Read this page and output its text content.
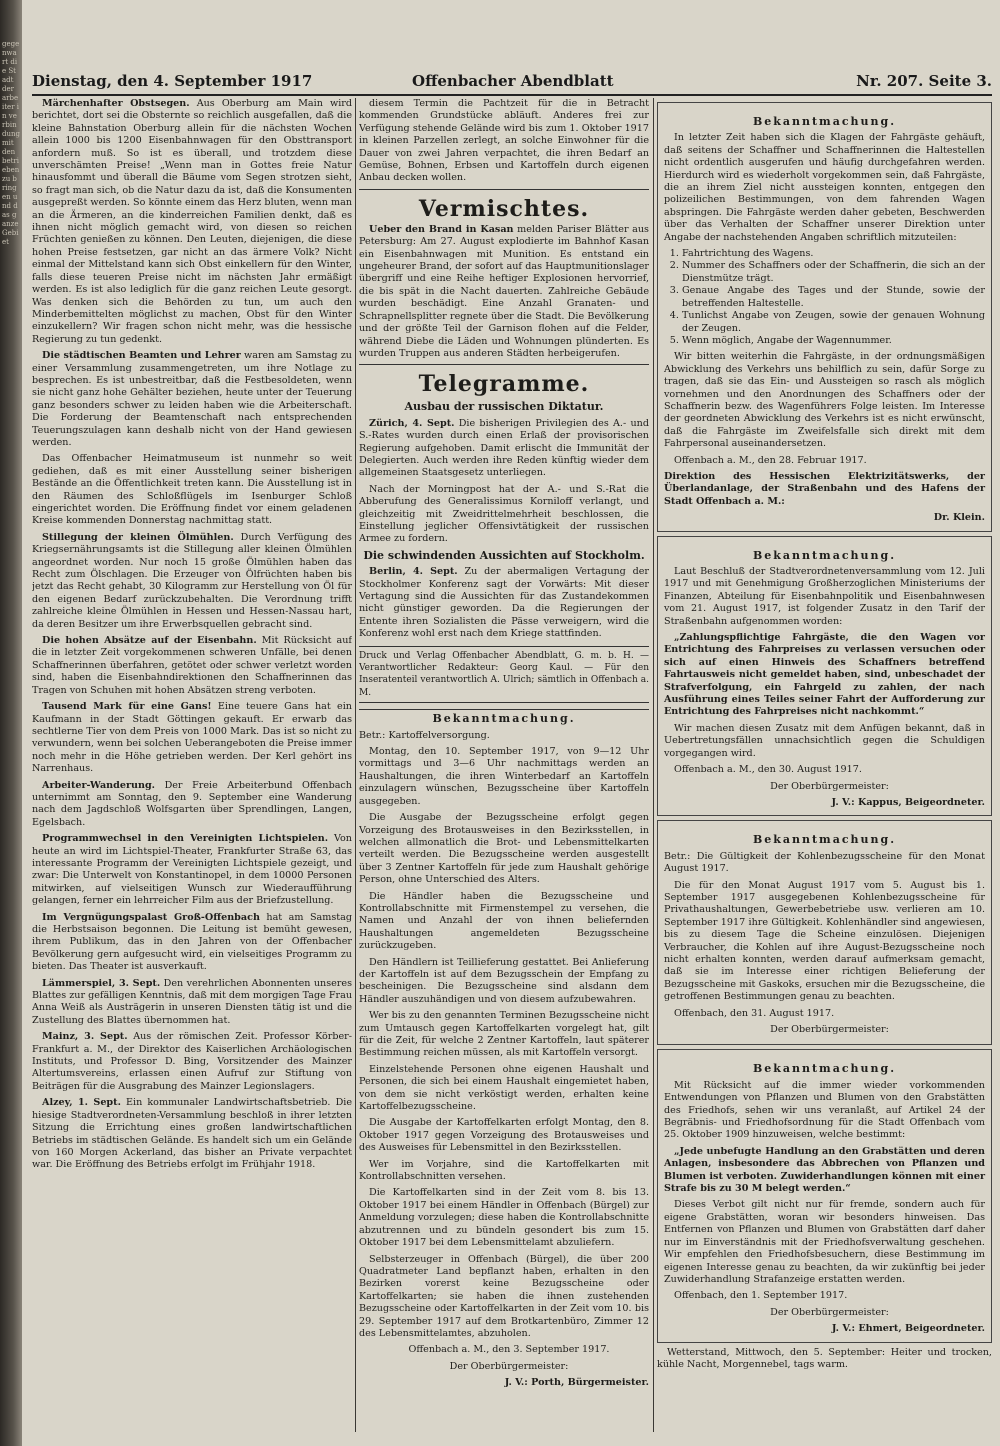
gegenwart die Stadt der arbeiter in verbindung mit den betrieben zu bringen und das ganze Gebiet
Dienstag, den 4. September 1917	Offenbacher Abendblatt	Nr. 207. Seite 3.

Märchenhafter Obstsegen. Aus Oberburg am Main wird berichtet, dort sei die Obsternte so reichlich ausgefallen, daß die kleine Bahnstation Oberburg allein für die nächsten Wochen allein 1000 bis 1200 Eisenbahnwagen für den Obsttransport anfordern muß. So ist es überall, und trotzdem diese unverschämten Preise! „Wenn man in Gottes freie Natur hinausfommt und überall die Bäume vom Segen strotzen sieht, so fragt man sich, ob die Natur dazu da ist, daß die Konsumenten ausgepreßt werden. So könnte einem das Herz bluten, wenn man an die Ärmeren, an die kinderreichen Familien denkt, daß es ihnen nicht möglich gemacht wird, von diesen so reichen Früchten genießen zu können. Den Leuten, diejenigen, die diese hohen Preise festsetzen, gar nicht an das ärmere Volk? Nicht einmal der Mittelstand kann sich Obst einkellern für den Winter, falls diese teueren Preise nicht im nächsten Jahr ermäßigt werden. Es ist also lediglich für die ganz reichen Leute gesorgt. Was denken sich die Behörden zu tun, um auch den Minderbemittelten möglichst zu machen, Obst für den Winter einzukellern? Wir fragen schon nicht mehr, was die hessische Regierung zu tun gedenkt.

Die städtischen Beamten und Lehrer waren am Samstag zu einer Versammlung zusammengetreten, um ihre Notlage zu besprechen. Es ist unbestreitbar, daß die Festbesoldeten, wenn sie nicht ganz hohe Gehälter beziehen, heute unter der Teuerung ganz besonders schwer zu leiden haben wie die Arbeiterschaft. Die Forderung der Beamtenschaft nach entsprechenden Teuerungszulagen kann deshalb nicht von der Hand gewiesen werden.

Das Offenbacher Heimatmuseum ist nunmehr so weit gediehen, daß es mit einer Ausstellung seiner bisherigen Bestände an die Öffentlichkeit treten kann. Die Ausstellung ist in den Räumen des Schloßflügels im Isenburger Schloß eingerichtet worden. Die Eröffnung findet vor einem geladenen Kreise kommenden Donnerstag nachmittag statt.

Stillegung der kleinen Ölmühlen. Durch Verfügung des Kriegsernährungsamts ist die Stillegung aller kleinen Ölmühlen angeordnet worden. Nur noch 15 große Ölmühlen haben das Recht zum Ölschlagen. Die Erzeuger von Ölfrüchten haben bis jetzt das Recht gehabt, 30 Kilogramm zur Herstellung von Öl für den eigenen Bedarf zurückzubehalten. Die Verordnung trifft zahlreiche kleine Ölmühlen in Hessen und Hessen-Nassau hart, da deren Besitzer um ihre Erwerbsquellen gebracht sind.

Die hohen Absätze auf der Eisenbahn. Mit Rücksicht auf die in letzter Zeit vorgekommenen schweren Unfälle, bei denen Schaffnerinnen überfahren, getötet oder schwer verletzt worden sind, haben die Eisenbahndirektionen den Schaffnerinnen das Tragen von Schuhen mit hohen Absätzen streng verboten.

Tausend Mark für eine Gans! Eine teuere Gans hat ein Kaufmann in der Stadt Göttingen gekauft. Er erwarb das sechtlerne Tier von dem Preis von 1000 Mark. Das ist so nicht zu verwundern, wenn bei solchen Ueberangeboten die Preise immer noch mehr in die Höhe getrieben werden. Der Kerl gehört ins Narrenhaus.

Arbeiter-Wanderung. Der Freie Arbeiterbund Offenbach unternimmt am Sonntag, den 9. September eine Wanderung nach dem Jagdschloß Wolfsgarten über Sprendlingen, Langen, Egelsbach.

Programmwechsel in den Vereinigten Lichtspielen. Von heute an wird im Lichtspiel-Theater, Frankfurter Straße 63, das interessante Programm der Vereinigten Lichtspiele gezeigt, und zwar: Die Unterwelt von Konstantinopel, in dem 10000 Personen mitwirken, auf vielseitigen Wunsch zur Wiederaufführung gelangen, ferner ein lehrreicher Film aus der Briefzustellung.

Im Vergnügungspalast Groß-Offenbach hat am Samstag die Herbstsaison begonnen. Die Leitung ist bemüht gewesen, ihrem Publikum, das in den Jahren von der Offenbacher Bevölkerung gern aufgesucht wird, ein vielseitiges Programm zu bieten. Das Theater ist ausverkauft.

Lämmerspiel, 3. Sept. Den verehrlichen Abonnenten unseres Blattes zur gefälligen Kenntnis, daß mit dem morgigen Tage Frau Anna Weiß als Austrägerin in unseren Diensten tätig ist und die Zustellung des Blattes übernommen hat.

Mainz, 3. Sept. Aus der römischen Zeit. Professor Körber-Frankfurt a. M., der Direktor des Kaiserlichen Archäologischen Instituts, und Professor D. Bing, Vorsitzender des Mainzer Altertumsvereins, erlassen einen Aufruf zur Stiftung von Beiträgen für die Ausgrabung des Mainzer Legionslagers.

Alzey, 1. Sept. Ein kommunaler Landwirtschaftsbetrieb. Die hiesige Stadtverordneten-Versammlung beschloß in ihrer letzten Sitzung die Errichtung eines großen landwirtschaftlichen Betriebs im städtischen Gelände. Es handelt sich um ein Gelände von 160 Morgen Ackerland, das bisher an Private verpachtet war. Die Eröffnung des Betriebs erfolgt im Frühjahr 1918.

diesem Termin die Pachtzeit für die in Betracht kommenden Grundstücke abläuft. Anderes frei zur Verfügung stehende Gelände wird bis zum 1. Oktober 1917 in kleinen Parzellen zerlegt, an solche Einwohner für die Dauer von zwei Jahren verpachtet, die ihren Bedarf an Gemüse, Bohnen, Erbsen und Kartoffeln durch eigenen Anbau decken wollen.

Vermischtes.

Ueber den Brand in Kasan melden Pariser Blätter aus Petersburg: Am 27. August explodierte im Bahnhof Kasan ein Eisenbahnwagen mit Munition. Es entstand ein ungeheurer Brand, der sofort auf das Hauptmunitionslager übergriff und eine Reihe heftiger Explosionen hervorrief, die bis spät in die Nacht dauerten. Zahlreiche Gebäude wurden beschädigt. Eine Anzahl Granaten- und Schrapnellsplitter regnete über die Stadt. Die Bevölkerung und der größte Teil der Garnison flohen auf die Felder, während Diebe die Läden und Wohnungen plünderten. Es wurden Truppen aus anderen Städten herbeigerufen.

Telegramme.
Ausbau der russischen Diktatur.

Zürich, 4. Sept. Die bisherigen Privilegien des A.- und S.-Rates wurden durch einen Erlaß der provisorischen Regierung aufgehoben. Damit erlischt die Immunität der Delegierten. Auch werden ihre Reden künftig wieder dem allgemeinen Staatsgesetz unterliegen.

Nach der Morningpost hat der A.- und S.-Rat die Abberufung des Generalissimus Korniloff verlangt, und gleichzeitig mit Zweidrittelmehrheit beschlossen, die Einstellung jeglicher Offensivtätigkeit der russischen Armee zu fordern.

Die schwindenden Aussichten auf Stockholm.

Berlin, 4. Sept. Zu der abermaligen Vertagung der Stockholmer Konferenz sagt der Vorwärts: Mit dieser Vertagung sind die Aussichten für das Zustandekommen nicht günstiger geworden. Da die Regierungen der Entente ihren Sozialisten die Pässe verweigern, wird die Konferenz wohl erst nach dem Kriege stattfinden.

Druck und Verlag Offenbacher Abendblatt, G. m. b. H. — Verantwortlicher Redakteur: Georg Kaul. — Für den Inseratenteil verantwortlich A. Ulrich; sämtlich in Offenbach a. M.
Bekanntmachung.

Betr.: Kartoffelversorgung.

Montag, den 10. September 1917, von 9—12 Uhr vormittags und 3—6 Uhr nachmittags werden an Haushaltungen, die ihren Winterbedarf an Kartoffeln einzulagern wünschen, Bezugsscheine über Kartoffeln ausgegeben.

Die Ausgabe der Bezugsscheine erfolgt gegen Vorzeigung des Brotausweises in den Bezirksstellen, in welchen allmonatlich die Brot- und Lebensmittelkarten verteilt werden. Die Bezugsscheine werden ausgestellt über 3 Zentner Kartoffeln für jede zum Haushalt gehörige Person, ohne Unterschied des Alters.

Die Händler haben die Bezugsscheine und Kontrollabschnitte mit Firmenstempel zu versehen, die Namen und Anzahl der von ihnen beliefernden Haushaltungen angemeldeten Bezugsscheine zurückzugeben.

Den Händlern ist Teillieferung gestattet. Bei Anlieferung der Kartoffeln ist auf dem Bezugsschein der Empfang zu bescheinigen. Die Bezugsscheine sind alsdann dem Händler auszuhändigen und von diesem aufzubewahren.

Wer bis zu den genannten Terminen Bezugsscheine nicht zum Umtausch gegen Kartoffelkarten vorgelegt hat, gilt für die Zeit, für welche 2 Zentner Kartoffeln, laut späterer Bestimmung reichen müssen, als mit Kartoffeln versorgt.

Einzelstehende Personen ohne eigenen Haushalt und Personen, die sich bei einem Haushalt eingemietet haben, von dem sie nicht verköstigt werden, erhalten keine Kartoffelbezugsscheine.

Die Ausgabe der Kartoffelkarten erfolgt Montag, den 8. Oktober 1917 gegen Vorzeigung des Brotausweises und des Ausweises für Lebensmittel in den Bezirksstellen.

Wer im Vorjahre, sind die Kartoffelkarten mit Kontrollabschnitten versehen.

Die Kartoffelkarten sind in der Zeit vom 8. bis 13. Oktober 1917 bei einem Händler in Offenbach (Bürgel) zur Anmeldung vorzulegen; diese haben die Kontrollabschnitte abzutrennen und zu bündeln gesondert bis zum 15. Oktober 1917 bei dem Lebensmittelamt abzuliefern.

Selbsterzeuger in Offenbach (Bürgel), die über 200 Quadratmeter Land bepflanzt haben, erhalten in den Bezirken vorerst keine Bezugsscheine oder Kartoffelkarten; sie haben die ihnen zustehenden Bezugsscheine oder Kartoffelkarten in der Zeit vom 10. bis 29. September 1917 auf dem Brotkartenbüro, Zimmer 12 des Lebensmittelamtes, abzuholen.

Offenbach a. M., den 3. September 1917.

Der Oberbürgermeister:

J. V.: Porth, Bürgermeister.
Bekanntmachung.

In letzter Zeit haben sich die Klagen der Fahrgäste gehäuft, daß seitens der Schaffner und Schaffnerinnen die Haltestellen nicht ordentlich ausgerufen und häufig durchgefahren werden. Hierdurch wird es wiederholt vorgekommen sein, daß Fahrgäste, die an ihrem Ziel nicht aussteigen konnten, entgegen den polizeilichen Bestimmungen, von dem fahrenden Wagen abspringen. Die Fahrgäste werden daher gebeten, Beschwerden über das Verhalten der Schaffner unserer Direktion unter Angabe der nachstehenden Angaben schriftlich mitzuteilen:

1. Fahrtrichtung des Wagens.
2. Nummer des Schaffners oder der Schaffnerin, die sich an der Dienstmütze trägt.
3. Genaue Angabe des Tages und der Stunde, sowie der betreffenden Haltestelle.
4. Tunlichst Angabe von Zeugen, sowie der genauen Wohnung der Zeugen.
5. Wenn möglich, Angabe der Wagennummer.

Wir bitten weiterhin die Fahrgäste, in der ordnungsmäßigen Abwicklung des Verkehrs uns behilflich zu sein, dafür Sorge zu tragen, daß sie das Ein- und Aussteigen so rasch als möglich vornehmen und den Anordnungen des Schaffners oder der Schaffnerin bezw. des Wagenführers Folge leisten. Im Interesse der geordneten Abwicklung des Verkehrs ist es nicht erwünscht, daß die Fahrgäste im Zweifelsfalle sich direkt mit dem Fahrpersonal auseinandersetzen.

Offenbach a. M., den 28. Februar 1917.

Direktion des Hessischen Elektrizitätswerks, der Überlandanlage, der Straßenbahn und des Hafens der Stadt Offenbach a. M.:

Dr. Klein.
Bekanntmachung.

Laut Beschluß der Stadtverordnetenversammlung vom 12. Juli 1917 und mit Genehmigung Großherzoglichen Ministeriums der Finanzen, Abteilung für Eisenbahnpolitik und Eisenbahnwesen vom 21. August 1917, ist folgender Zusatz in den Tarif der Straßenbahn aufgenommen worden:

„Zahlungspflichtige Fahrgäste, die den Wagen vor Entrichtung des Fahrpreises zu verlassen versuchen oder sich auf einen Hinweis des Schaffners betreffend Fahrtausweis nicht gemeldet haben, sind, unbeschadet der Strafverfolgung, ein Fahrgeld zu zahlen, der nach Ausführung eines Teiles seiner Fahrt der Aufforderung zur Entrichtung des Fahrpreises nicht nachkommt.“

Wir machen diesen Zusatz mit dem Anfügen bekannt, daß in Uebertretungsfällen unnachsichtlich gegen die Schuldigen vorgegangen wird.

Offenbach a. M., den 30. August 1917.

Der Oberbürgermeister:

J. V.: Kappus, Beigeordneter.
Bekanntmachung.

Betr.: Die Gültigkeit der Kohlenbezugsscheine für den Monat August 1917.

Die für den Monat August 1917 vom 5. August bis 1. September 1917 ausgegebenen Kohlenbezugsscheine für Privathaushaltungen, Gewerbebetriebe usw. verlieren am 10. September 1917 ihre Gültigkeit. Kohlenhändler sind angewiesen, bis zu diesem Tage die Scheine einzulösen. Diejenigen Verbraucher, die Kohlen auf ihre August-Bezugsscheine noch nicht erhalten konnten, werden darauf aufmerksam gemacht, daß sie im Interesse einer richtigen Belieferung der Bezugsscheine mit Gaskoks, ersuchen mir die Bezugsscheine, die getroffenen Bestimmungen genau zu beachten.

Offenbach, den 31. August 1917.

Der Oberbürgermeister:

Bekanntmachung.

Mit Rücksicht auf die immer wieder vorkommenden Entwendungen von Pflanzen und Blumen von den Grabstätten des Friedhofs, sehen wir uns veranlaßt, auf Artikel 24 der Begräbnis- und Friedhofsordnung für die Stadt Offenbach vom 25. Oktober 1909 hinzuweisen, welche bestimmt:

„Jede unbefugte Handlung an den Grabstätten und deren Anlagen, insbesondere das Abbrechen von Pflanzen und Blumen ist verboten. Zuwiderhandlungen können mit einer Strafe bis zu 30 M belegt werden.“

Dieses Verbot gilt nicht nur für fremde, sondern auch für eigene Grabstätten, woran wir besonders hinweisen. Das Entfernen von Pflanzen und Blumen von Grabstätten darf daher nur im Einverständnis mit der Friedhofsverwaltung geschehen. Wir empfehlen den Friedhofsbesuchern, diese Bestimmung im eigenen Interesse genau zu beachten, da wir zukünftig bei jeder Zuwiderhandlung Strafanzeige erstatten werden.

Offenbach, den 1. September 1917.

Der Oberbürgermeister:

J. V.: Ehmert, Beigeordneter.

Wetterstand, Mittwoch, den 5. September: Heiter und trocken, kühle Nacht, Morgennebel, tags warm.
